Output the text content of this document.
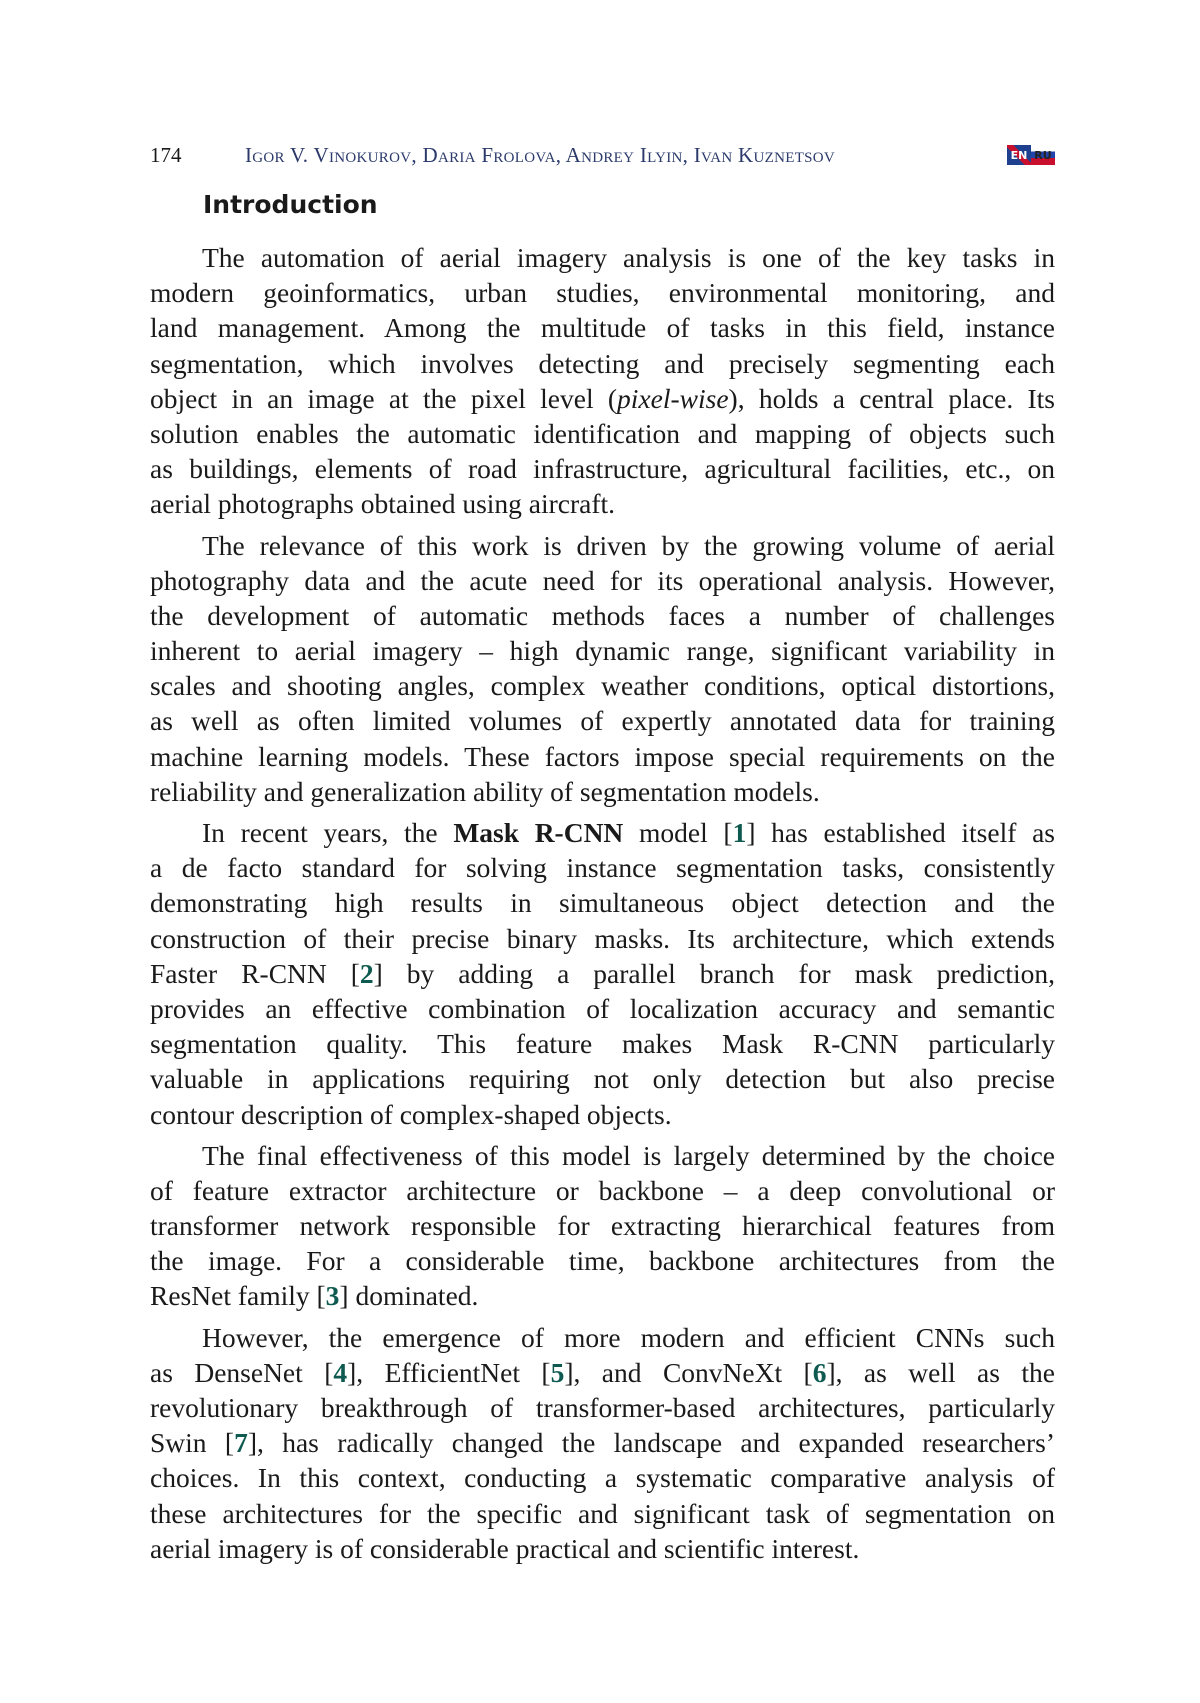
174	Igor V. Vinokurov, Daria Frolova, Andrey Ilyin, Ivan Kuznetsov	EN RU
Introduction
The automation of aerial imagery analysis is one of the key tasks in
modern geoinformatics, urban studies, environmental monitoring, and
land management. Among the multitude of tasks in this field, instance
segmentation, which involves detecting and precisely segmenting each
object in an image at the pixel level (pixel-wise), holds a central place. Its
solution enables the automatic identification and mapping of objects such
as buildings, elements of road infrastructure, agricultural facilities, etc., on
aerial photographs obtained using aircraft.
The relevance of this work is driven by the growing volume of aerial
photography data and the acute need for its operational analysis. However,
the development of automatic methods faces a number of challenges
inherent to aerial imagery – high dynamic range, significant variability in
scales and shooting angles, complex weather conditions, optical distortions,
as well as often limited volumes of expertly annotated data for training
machine learning models. These factors impose special requirements on the
reliability and generalization ability of segmentation models.
In recent years, the Mask R-CNN model [1] has established itself as
a de facto standard for solving instance segmentation tasks, consistently
demonstrating high results in simultaneous object detection and the
construction of their precise binary masks. Its architecture, which extends
Faster R-CNN [2] by adding a parallel branch for mask prediction,
provides an effective combination of localization accuracy and semantic
segmentation quality. This feature makes Mask R-CNN particularly
valuable in applications requiring not only detection but also precise
contour description of complex-shaped objects.
The final effectiveness of this model is largely determined by the choice
of feature extractor architecture or backbone – a deep convolutional or
transformer network responsible for extracting hierarchical features from
the image. For a considerable time, backbone architectures from the
ResNet family [3] dominated.
However, the emergence of more modern and efficient CNNs such
as DenseNet [4], EfficientNet [5], and ConvNeXt [6], as well as the
revolutionary breakthrough of transformer-based architectures, particularly
Swin [7], has radically changed the landscape and expanded researchers’
choices. In this context, conducting a systematic comparative analysis of
these architectures for the specific and significant task of segmentation on
aerial imagery is of considerable practical and scientific interest.
